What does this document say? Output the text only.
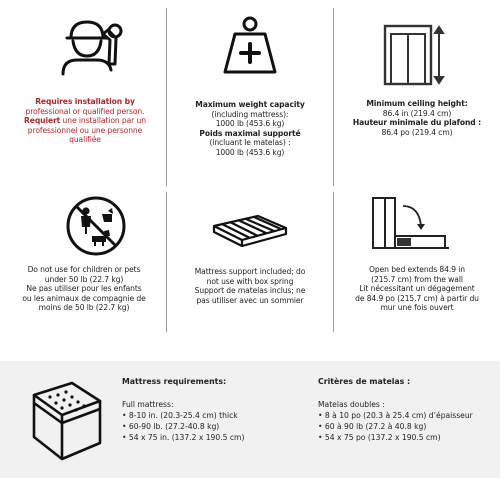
Requires installation by

professional or qualified person.

Requiert une installation par un

professionnel ou une personne

qualifiée

Maximum weight capacity

(including mattress):

1000 lb (453.6 kg)

Poids maximal supporté

(incluant le matelas) :

1000 lb (453.6 kg)

Minimum ceiling height:

86.4 in (219.4 cm)

Hauteur minimale du plafond :

86.4 po (219.4 cm)

Do not use for children or pets

under 50 lb (22.7 kg)

Ne pas utiliser pour les enfants

ou les animaux de compagnie de

moins de 50 lb (22.7 kg)

Mattress support included; do

not use with box spring

Support de matelas inclus; ne

pas utiliser avec un sommier

Open bed extends 84.9 in

(215.7 cm) from the wall

Lit nécessitant un dégagement

de 84.9 po (215.7 cm) à partir du

mur une fois ouvert

Mattress requirements:

Full mattress:

• 8-10 in. (20.3-25.4 cm) thick

• 60-90 lb. (27.2-40.8 kg)

• 54 x 75 in. (137.2 x 190.5 cm)

Critères de matelas :

Matelas doubles :

• 8 à 10 po (20.3 à 25.4 cm) d’épaisseur

• 60 à 90 lb (27.2 à 40.8 kg)

• 54 x 75 po (137.2 x 190.5 cm)
